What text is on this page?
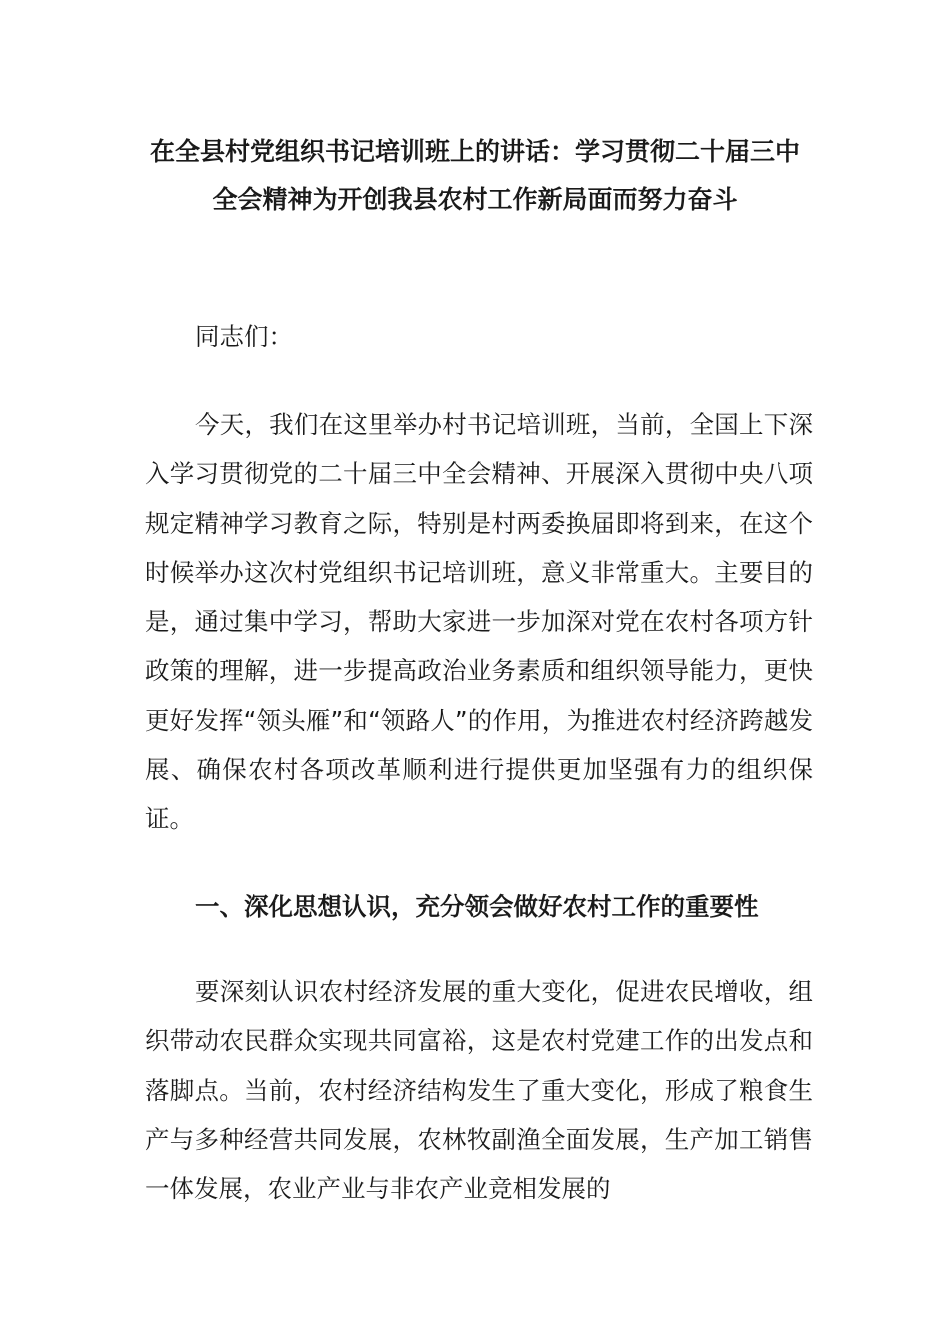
在全县村党组织书记培训班上的讲话：学习贯彻二十届三中全会精神为开创我县农村工作新局面而努力奋斗

同志们：

今天，我们在这里举办村书记培训班，当前，全国上下深入学习贯彻党的二十届三中全会精神、开展深入贯彻中央八项规定精神学习教育之际，特别是村两委换届即将到来，在这个时候举办这次村党组织书记培训班，意义非常重大。主要目的是，通过集中学习，帮助大家进一步加深对党在农村各项方针政策的理解，进一步提高政治业务素质和组织领导能力，更快更好发挥“领头雁”和“领路人”的作用，为推进农村经济跨越发展、确保农村各项改革顺利进行提供更加坚强有力的组织保证。

一、深化思想认识，充分领会做好农村工作的重要性

要深刻认识农村经济发展的重大变化，促进农民增收，组织带动农民群众实现共同富裕，这是农村党建工作的出发点和落脚点。当前，农村经济结构发生了重大变化，形成了粮食生产与多种经营共同发展，农林牧副渔全面发展，生产加工销售一体发展，农业产业与非农产业竞相发展的
